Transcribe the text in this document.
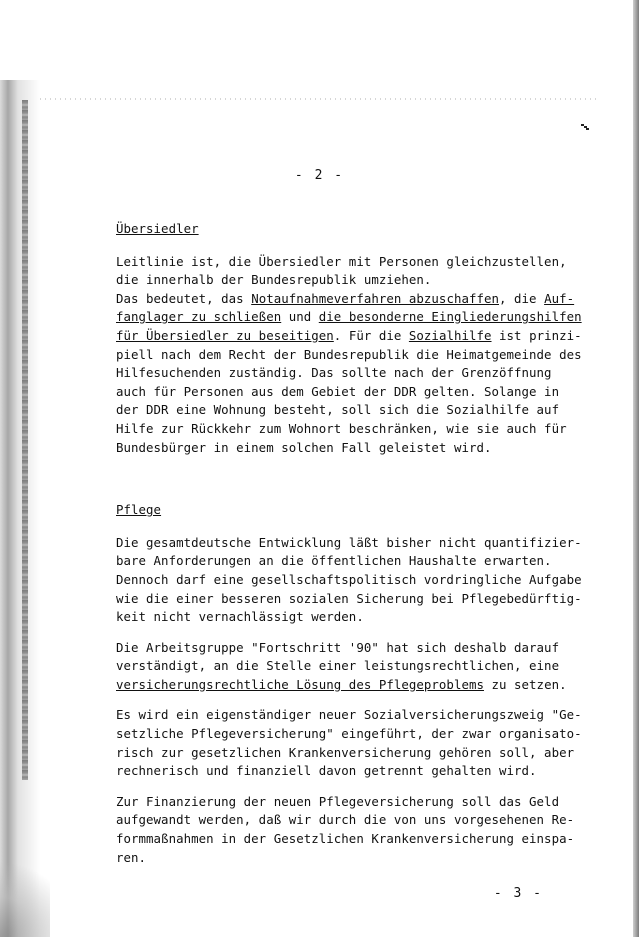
- 2 -
Übersiedler
Leitlinie ist, die Übersiedler mit Personen gleichzustellen,
die innerhalb der Bundesrepublik umziehen.
Das bedeutet, das Notaufnahmeverfahren abzuschaffen, die Auf-
fanglager zu schließen und die besonderne Eingliederungshilfen
für Übersiedler zu beseitigen. Für die Sozialhilfe ist prinzi-
piell nach dem Recht der Bundesrepublik die Heimatgemeinde des
Hilfesuchenden zuständig. Das sollte nach der Grenzöffnung
auch für Personen aus dem Gebiet der DDR gelten. Solange in
der DDR eine Wohnung besteht, soll sich die Sozialhilfe auf
Hilfe zur Rückkehr zum Wohnort beschränken, wie sie auch für
Bundesbürger in einem solchen Fall geleistet wird.
Pflege
Die gesamtdeutsche Entwicklung läßt bisher nicht quantifizier-
bare Anforderungen an die öffentlichen Haushalte erwarten.
Dennoch darf eine gesellschaftspolitisch vordringliche Aufgabe
wie die einer besseren sozialen Sicherung bei Pflegebedürftig-
keit nicht vernachlässigt werden.
Die Arbeitsgruppe "Fortschritt '90" hat sich deshalb darauf
verständigt, an die Stelle einer leistungsrechtlichen, eine
versicherungsrechtliche Lösung des Pflegeproblems zu setzen.
Es wird ein eigenständiger neuer Sozialversicherungszweig "Ge-
setzliche Pflegeversicherung" eingeführt, der zwar organisato-
risch zur gesetzlichen Krankenversicherung gehören soll, aber
rechnerisch und finanziell davon getrennt gehalten wird.
Zur Finanzierung der neuen Pflegeversicherung soll das Geld
aufgewandt werden, daß wir durch die von uns vorgesehenen Re-
formmaßnahmen in der Gesetzlichen Krankenversicherung einspa-
ren.
- 3 -
